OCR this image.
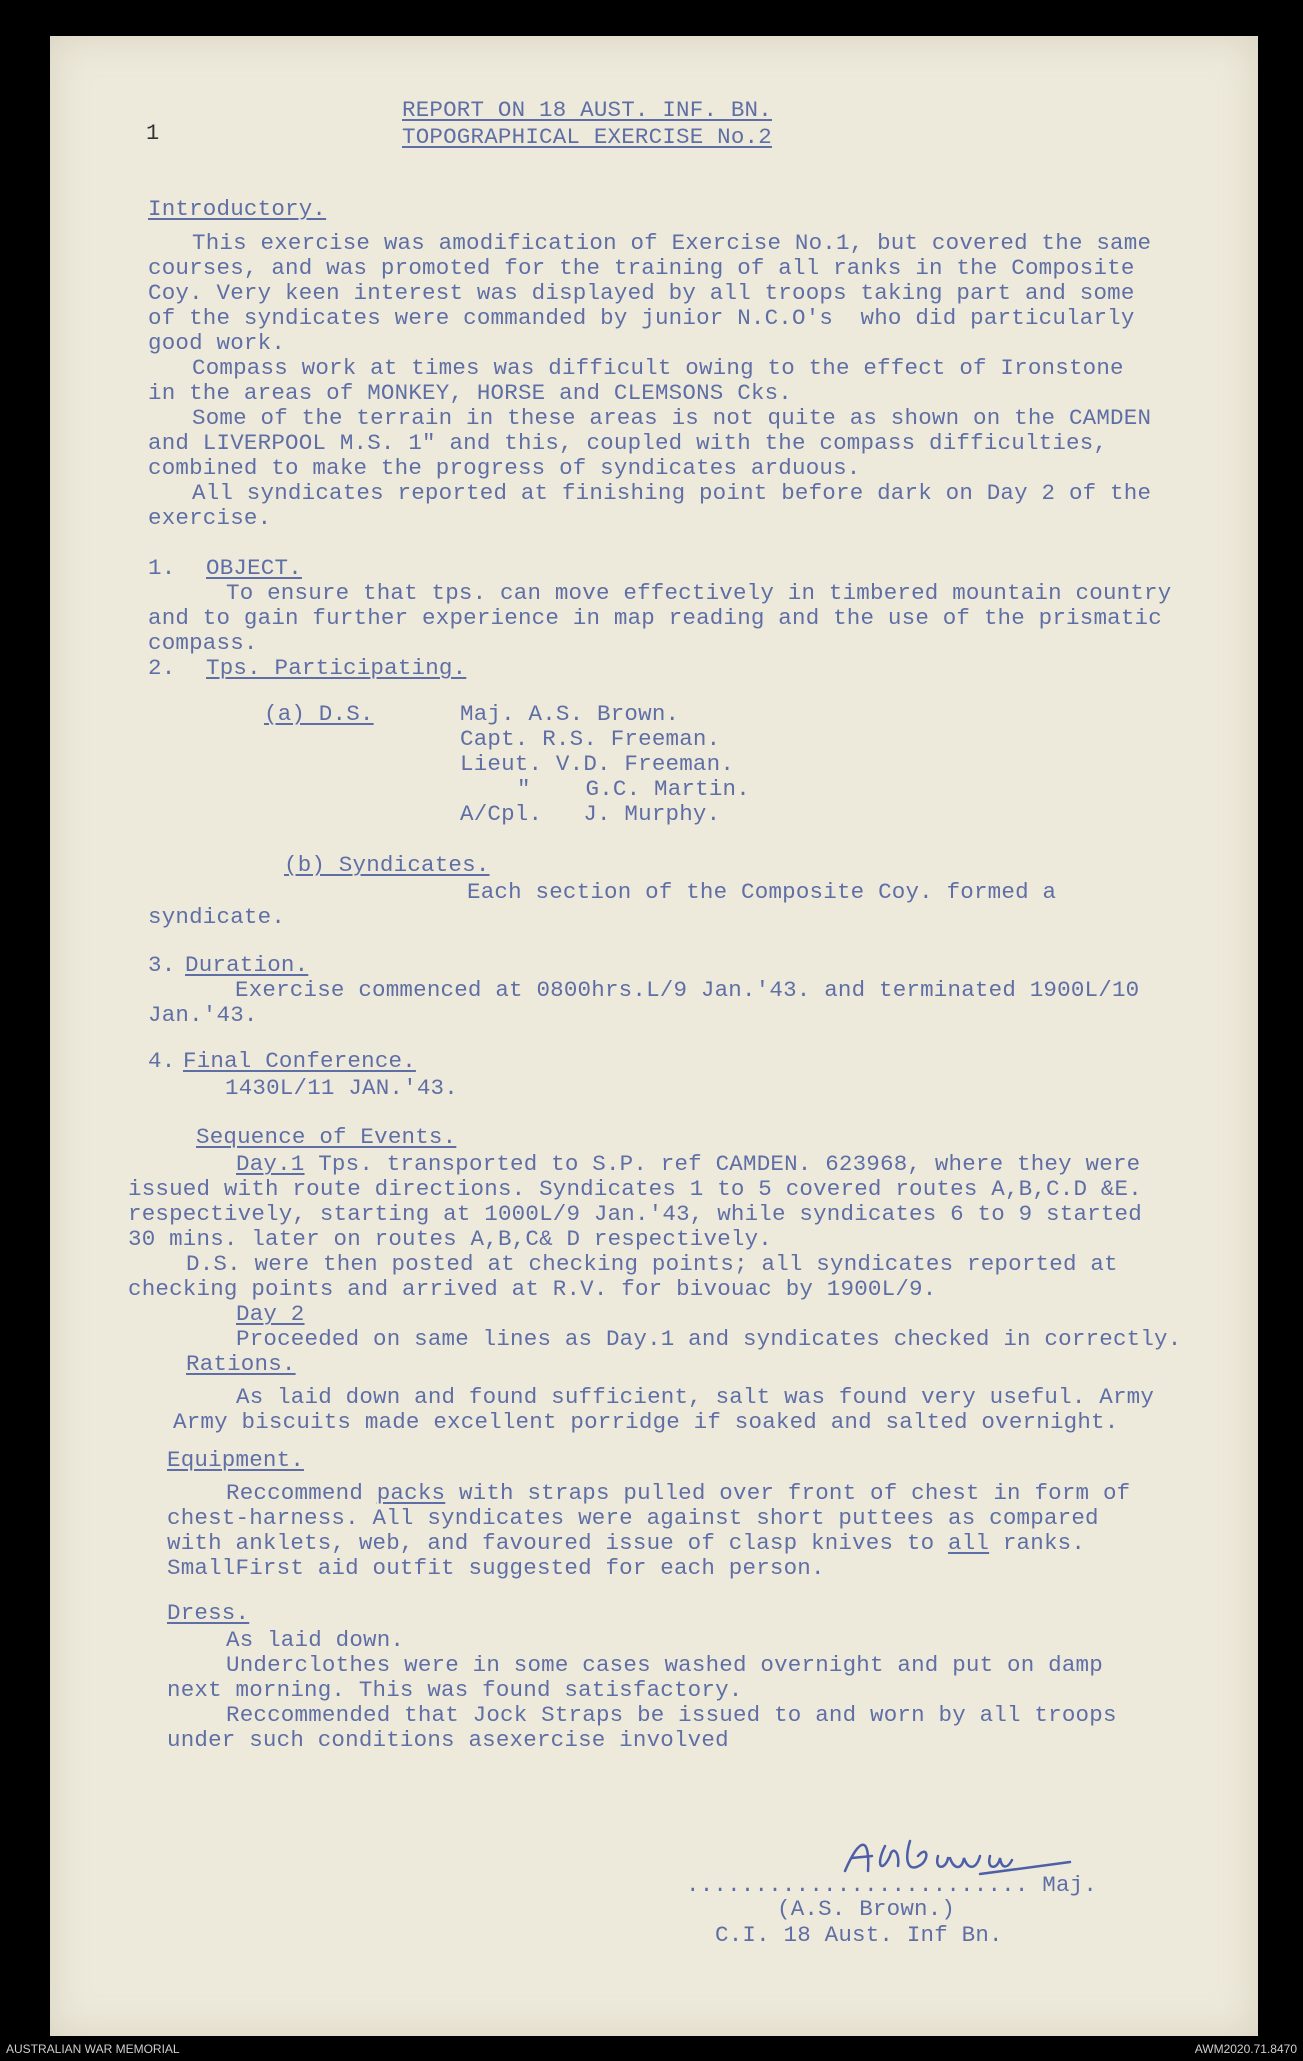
REPORT ON 18 AUST. INF. BN.
TOPOGRAPHICAL EXERCISE No.2
1
Introductory.
This exercise was amodification of Exercise No.1, but covered the same
courses, and was promoted for the training of all ranks in the Composite
Coy. Very keen interest was displayed by all troops taking part and some
of the syndicates were commanded by junior N.C.O's  who did particularly
good work.
Compass work at times was difficult owing to the effect of Ironstone
in the areas of MONKEY, HORSE and CLEMSONS Cks.
Some of the terrain in these areas is not quite as shown on the CAMDEN
and LIVERPOOL M.S. 1" and this, coupled with the compass difficulties,
combined to make the progress of syndicates arduous.
All syndicates reported at finishing point before dark on Day 2 of the
exercise.
1. OBJECT.
To ensure that tps. can move effectively in timbered mountain country
and to gain further experience in map reading and the use of the prismatic
compass.
2. Tps. Participating.
(a) D.S.	Maj. A.S. Brown.
Capt. R.S. Freeman.
Lieut. V.D. Freeman.
"    G.C. Martin.
A/Cpl.   J. Murphy.
(b) Syndicates.
Each section of the Composite Coy. formed a
syndicate.
3. Duration.
Exercise commenced at 0800hrs.L/9 Jan.'43. and terminated 1900L/10
Jan.'43.
4. Final Conference.
1430L/11 JAN.'43.
Sequence of Events.
Day.1 Tps. transported to S.P. ref CAMDEN. 623968, where they were
issued with route directions. Syndicates 1 to 5 covered routes A,B,C.D &E.
respectively, starting at 1000L/9 Jan.'43, while syndicates 6 to 9 started
30 mins. later on routes A,B,C& D respectively.
D.S. were then posted at checking points; all syndicates reported at
checking points and arrived at R.V. for bivouac by 1900L/9.
Day 2
Proceeded on same lines as Day.1 and syndicates checked in correctly.
Rations.
As laid down and found sufficient, salt was found very useful. Army
Army biscuits made excellent porridge if soaked and salted overnight.
Equipment.
Reccommend packs with straps pulled over front of chest in form of
chest-harness. All syndicates were against short puttees as compared
with anklets, web, and favoured issue of clasp knives to all ranks.
SmallFirst aid outfit suggested for each person.
Dress.
As laid down.
Underclothes were in some cases washed overnight and put on damp
next morning. This was found satisfactory.
Reccommended that Jock Straps be issued to and worn by all troops
under such conditions asexercise involved
......................... Maj.
(A.S. Brown.)
C.I. 18 Aust. Inf Bn.
AUSTRALIAN WAR MEMORIAL	AWM2020.71.8470
